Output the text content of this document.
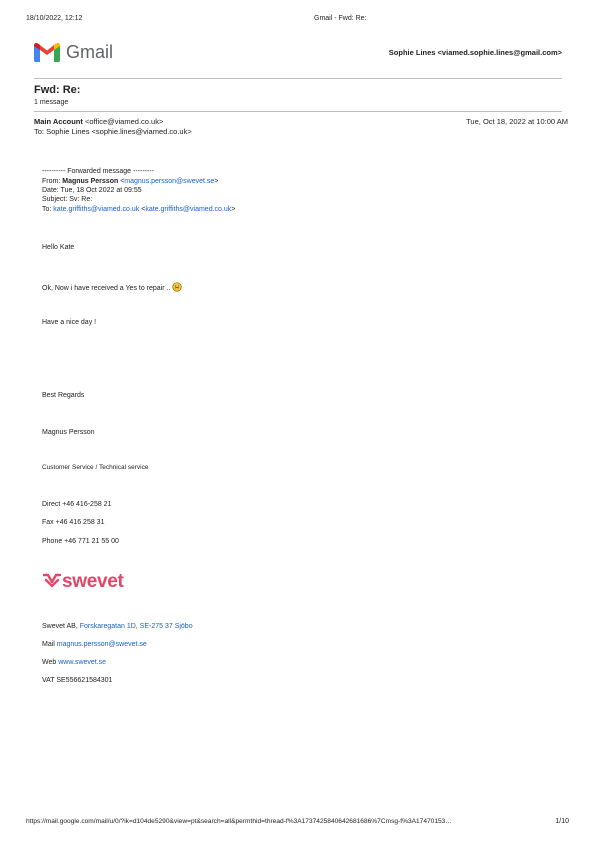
18/10/2022, 12:12	Gmail - Fwd: Re:
Gmail	Sophie Lines <viamed.sophie.lines@gmail.com>
Fwd: Re:
1 message
Main Account <office@viamed.co.uk>	Tue, Oct 18, 2022 at 10:00 AM
To: Sophie Lines <sophie.lines@viamed.co.uk>
---------- Forwarded message ---------
From: Magnus Persson <magnus.persson@swevet.se>
Date: Tue, 18 Oct 2022 at 09:55
Subject: Sv: Re:
To: kate.griffiths@viamed.co.uk <kate.griffiths@viamed.co.uk>
Hello Kate
Ok, Now i have received a Yes to repair ..
Have a nice day !
Best Regards
Magnus Persson
Customer Service / Technical service
Direct +46 416-258 21
Fax +46 416 258 31
Phone +46 771 21 55 00
swevet
Swevet AB, Forskaregatan 1D, SE-275 37 Sjöbo
Mail magnus.persson@swevet.se
Web www.swevet.se
VAT SE556621584301
https://mail.google.com/mail/u/0/?ik=d104de5290&view=pt&search=all&permthid=thread-f%3A1737425840642681686%7Cmsg-f%3A17470153…	1/10
